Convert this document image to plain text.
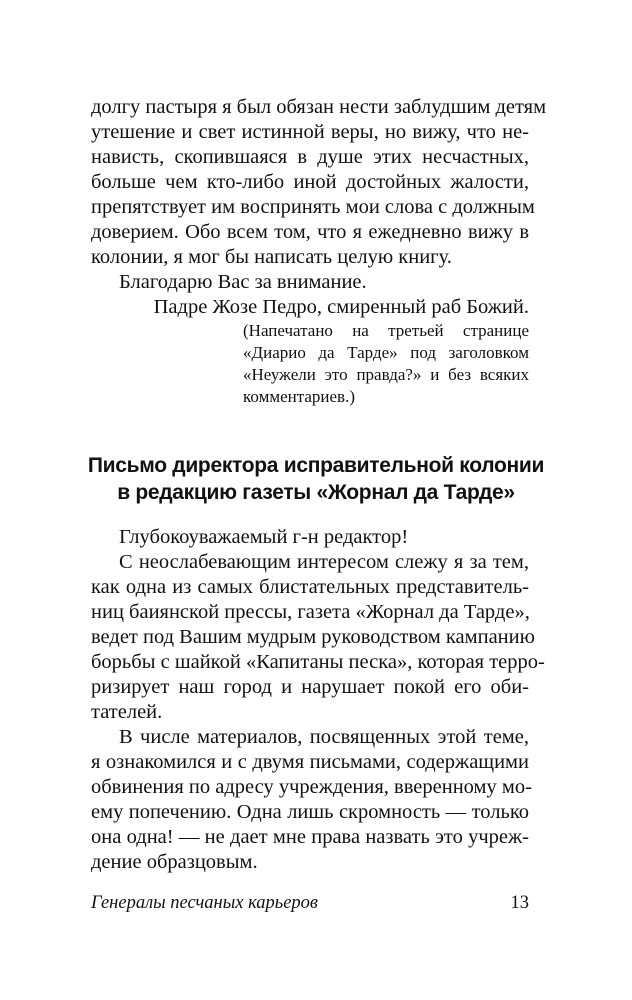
долгу пастыря я был обязан нести заблудшим детям
утешение и свет истинной веры, но вижу, что не-
нависть, скопившаяся в душе этих несчастных,
больше чем кто-либо иной достойных жалости,
препятствует им воспринять мои слова с должным
доверием. Обо всем том, что я ежедневно вижу в
колонии, я мог бы написать целую книгу.
Благодарю Вас за внимание.
Падре Жозе Педро, смиренный раб Божий.
(Напечатано на третьей странице
«Диарио да Тарде» под заголовком
«Неужели это правда?» и без всяких
комментариев.)
Письмо директора исправительной колонии
в редакцию газеты «Жорнал да Тарде»
Глубокоуважаемый г-н редактор!
С неослабевающим интересом слежу я за тем,
как одна из самых блистательных представитель-
ниц баиянской прессы, газета «Жорнал да Тарде»,
ведет под Вашим мудрым руководством кампанию
борьбы с шайкой «Капитаны песка», которая терро-
ризирует наш город и нарушает покой его оби-
тателей.
В числе материалов, посвященных этой теме,
я ознакомился и с двумя письмами, содержащими
обвинения по адресу учреждения, вверенному мо-
ему попечению. Одна лишь скромность — только
она одна! — не дает мне права назвать это учреж-
дение образцовым.
Генералы песчаных карьеров	13
